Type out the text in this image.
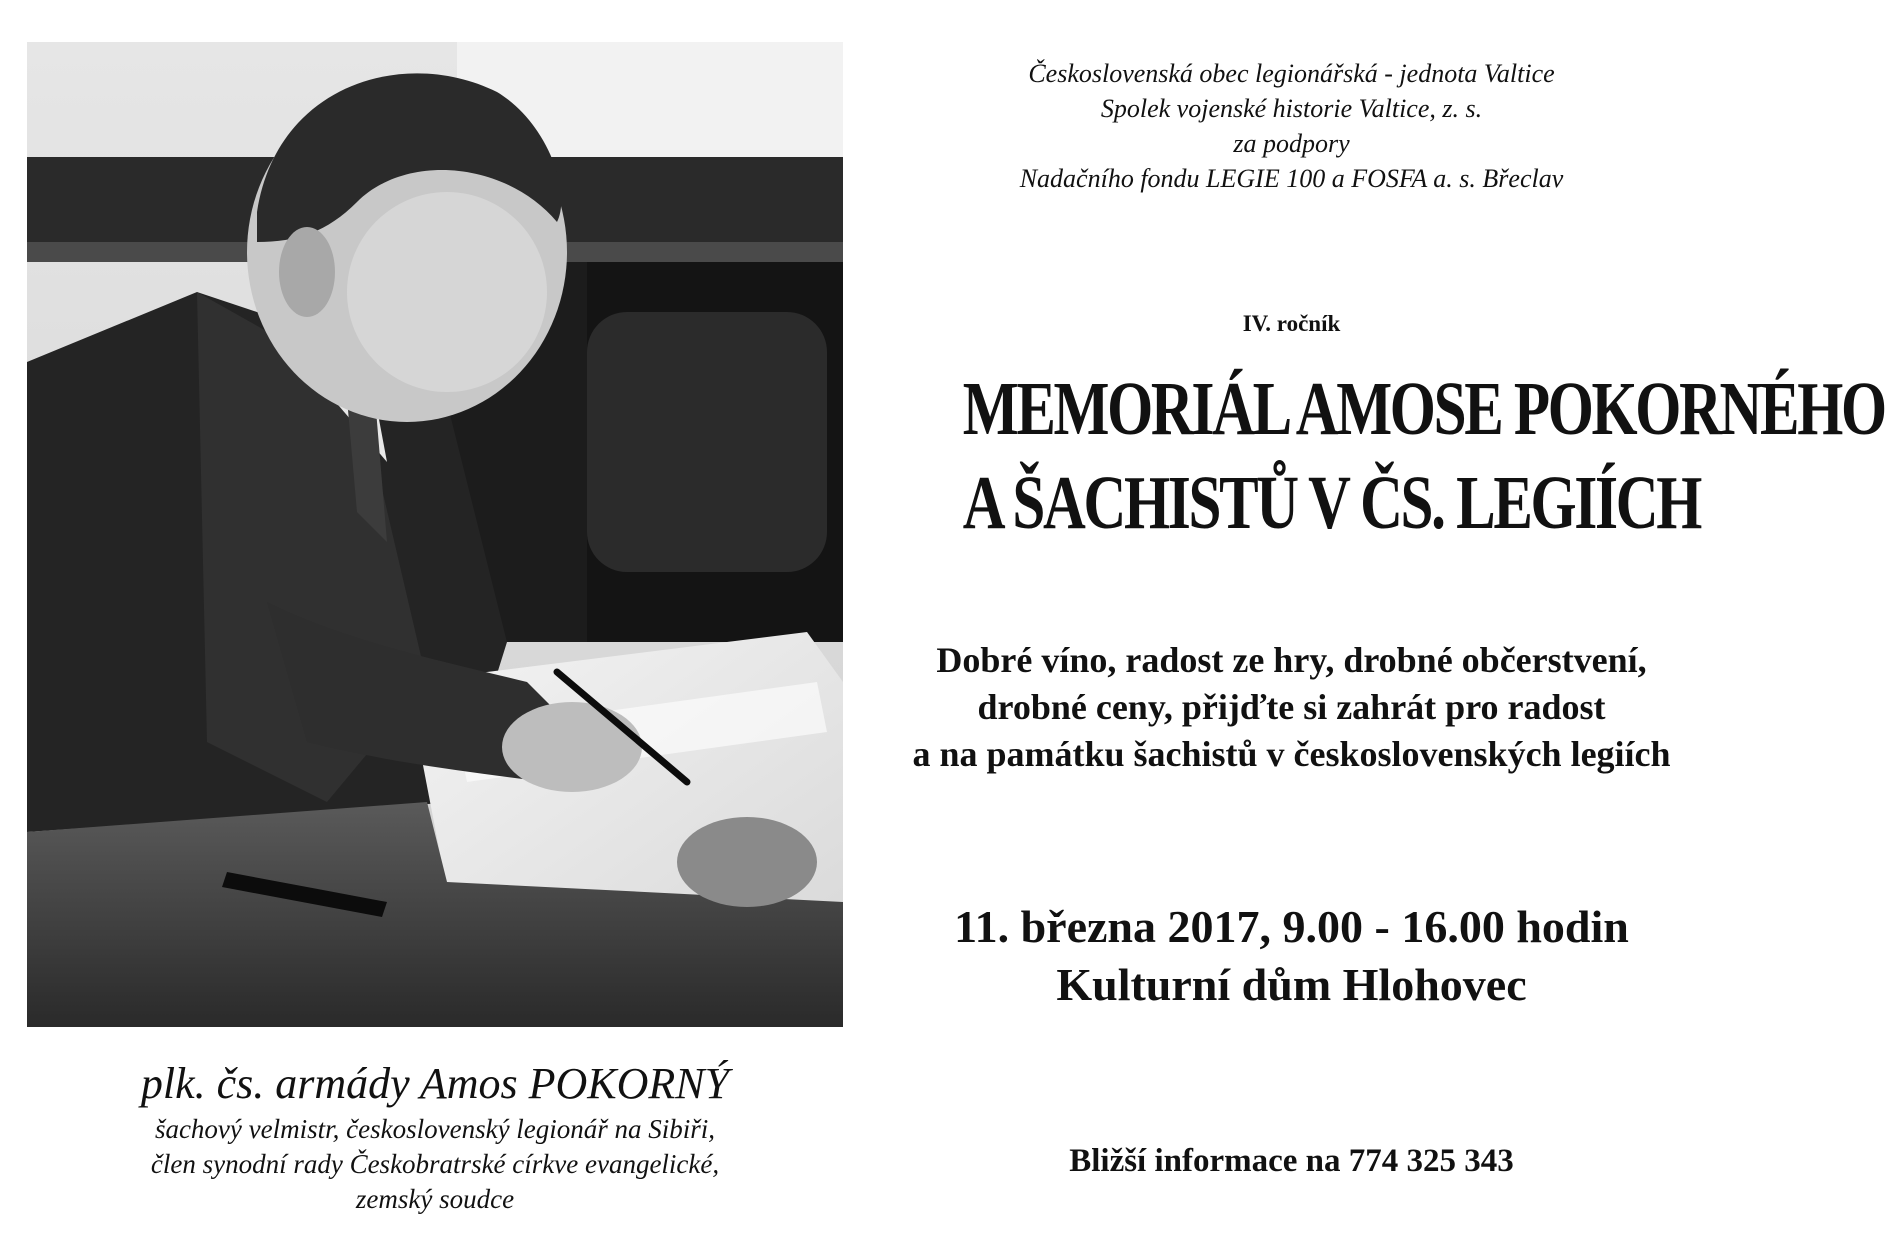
plk. čs. armády Amos POKORNÝ
šachový velmistr, československý legionář na Sibiři,
člen synodní rady Českobratrské církve evangelické,
zemský soudce
Československá obec legionářská - jednota Valtice
Spolek vojenské historie Valtice, z. s.
za podpory
Nadačního fondu LEGIE 100 a FOSFA a. s. Břeclav
IV. ročník
MEMORIÁL AMOSE POKORNÉHO
A ŠACHISTŮ V ČS. LEGIÍCH
Dobré víno, radost ze hry, drobné občerstvení,
drobné ceny, přijďte si zahrát pro radost
a na památku šachistů v československých legiích
11. března 2017, 9.00 - 16.00 hodin
Kulturní dům Hlohovec
Bližší informace na 774 325 343
